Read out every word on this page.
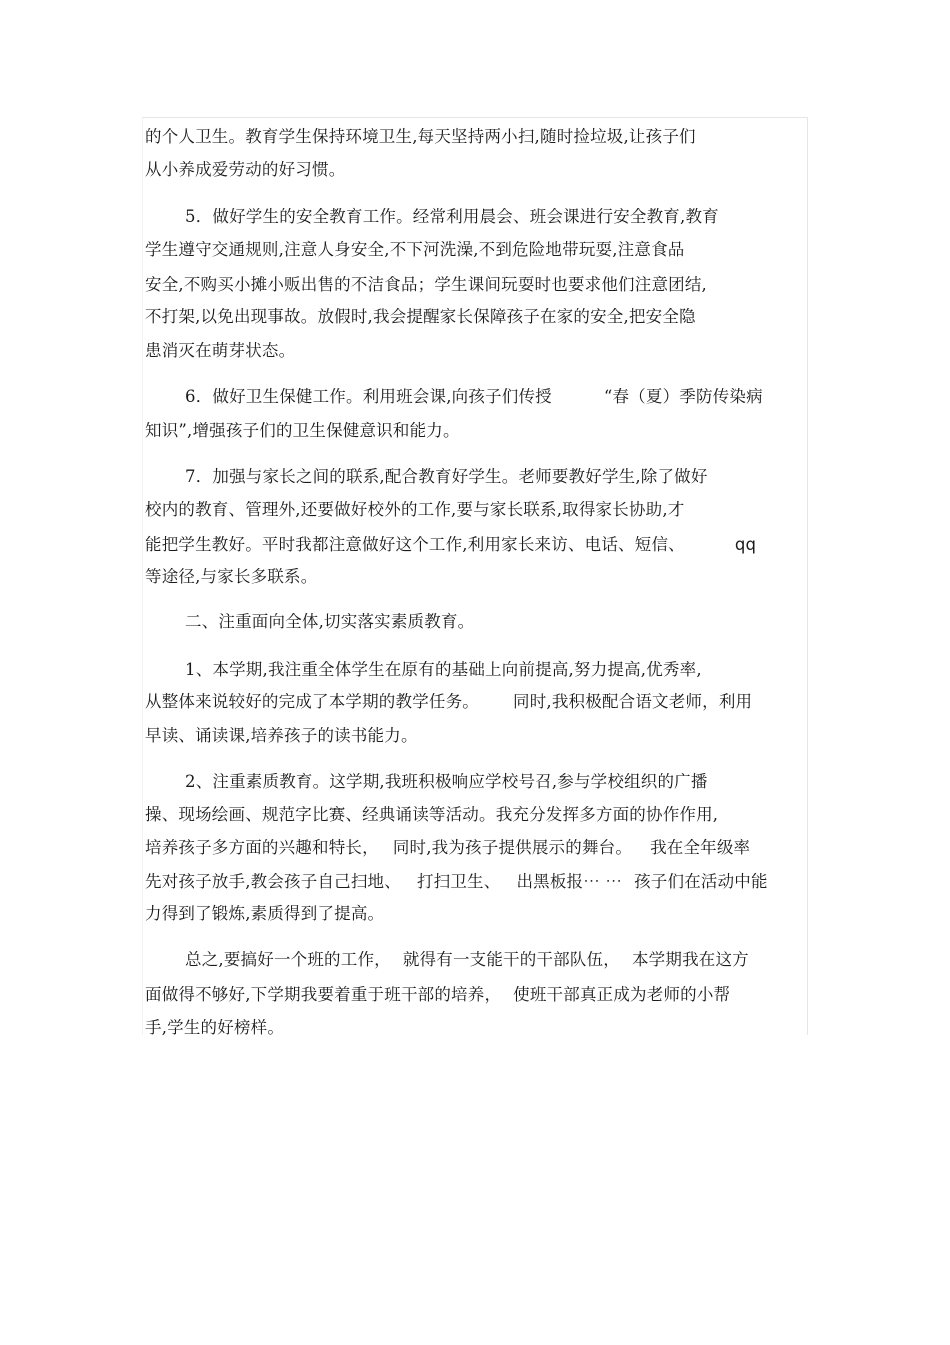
的个人卫生。教育学生保持环境卫生,每天坚持两小扫,随时捡垃圾,让孩子们
从小养成爱劳动的好习惯。
5．做好学生的安全教育工作。经常利用晨会、班会课进行安全教育,教育
学生遵守交通规则,注意人身安全,不下河洗澡,不到危险地带玩耍,注意食品
安全,不购买小摊小贩出售的不洁食品；学生课间玩耍时也要求他们注意团结,
不打架,以免出现事故。放假时,我会提醒家长保障孩子在家的安全,把安全隐
患消灭在萌芽状态。
6．做好卫生保健工作。利用班会课,向孩子们传授	“春（夏）季防传染病
知识”,增强孩子们的卫生保健意识和能力。
7．加强与家长之间的联系,配合教育好学生。老师要教好学生,除了做好
校内的教育、管理外,还要做好校外的工作,要与家长联系,取得家长协助,才
能把学生教好。平时我都注意做好这个工作,利用家长来访、电话、短信、	qq
等途径,与家长多联系。
二、注重面向全体,切实落实素质教育。
1、本学期,我注重全体学生在原有的基础上向前提高,努力提高,优秀率,
从整体来说较好的完成了本学期的教学任务。 同时,我积极配合语文老师，利用
早读、诵读课,培养孩子的读书能力。
2、注重素质教育。这学期,我班积极响应学校号召,参与学校组织的广播
操、现场绘画、规范字比赛、经典诵读等活动。我充分发挥多方面的协作作用,
培养孩子多方面的兴趣和特长， 同时,我为孩子提供展示的舞台。 我在全年级率
先对孩子放手,教会孩子自己扫地、 打扫卫生、 出黑板报⋯ ⋯ 孩子们在活动中能
力得到了锻炼,素质得到了提高。
总之,要搞好一个班的工作， 就得有一支能干的干部队伍， 本学期我在这方
面做得不够好,下学期我要着重于班干部的培养， 使班干部真正成为老师的小帮
手,学生的好榜样。
